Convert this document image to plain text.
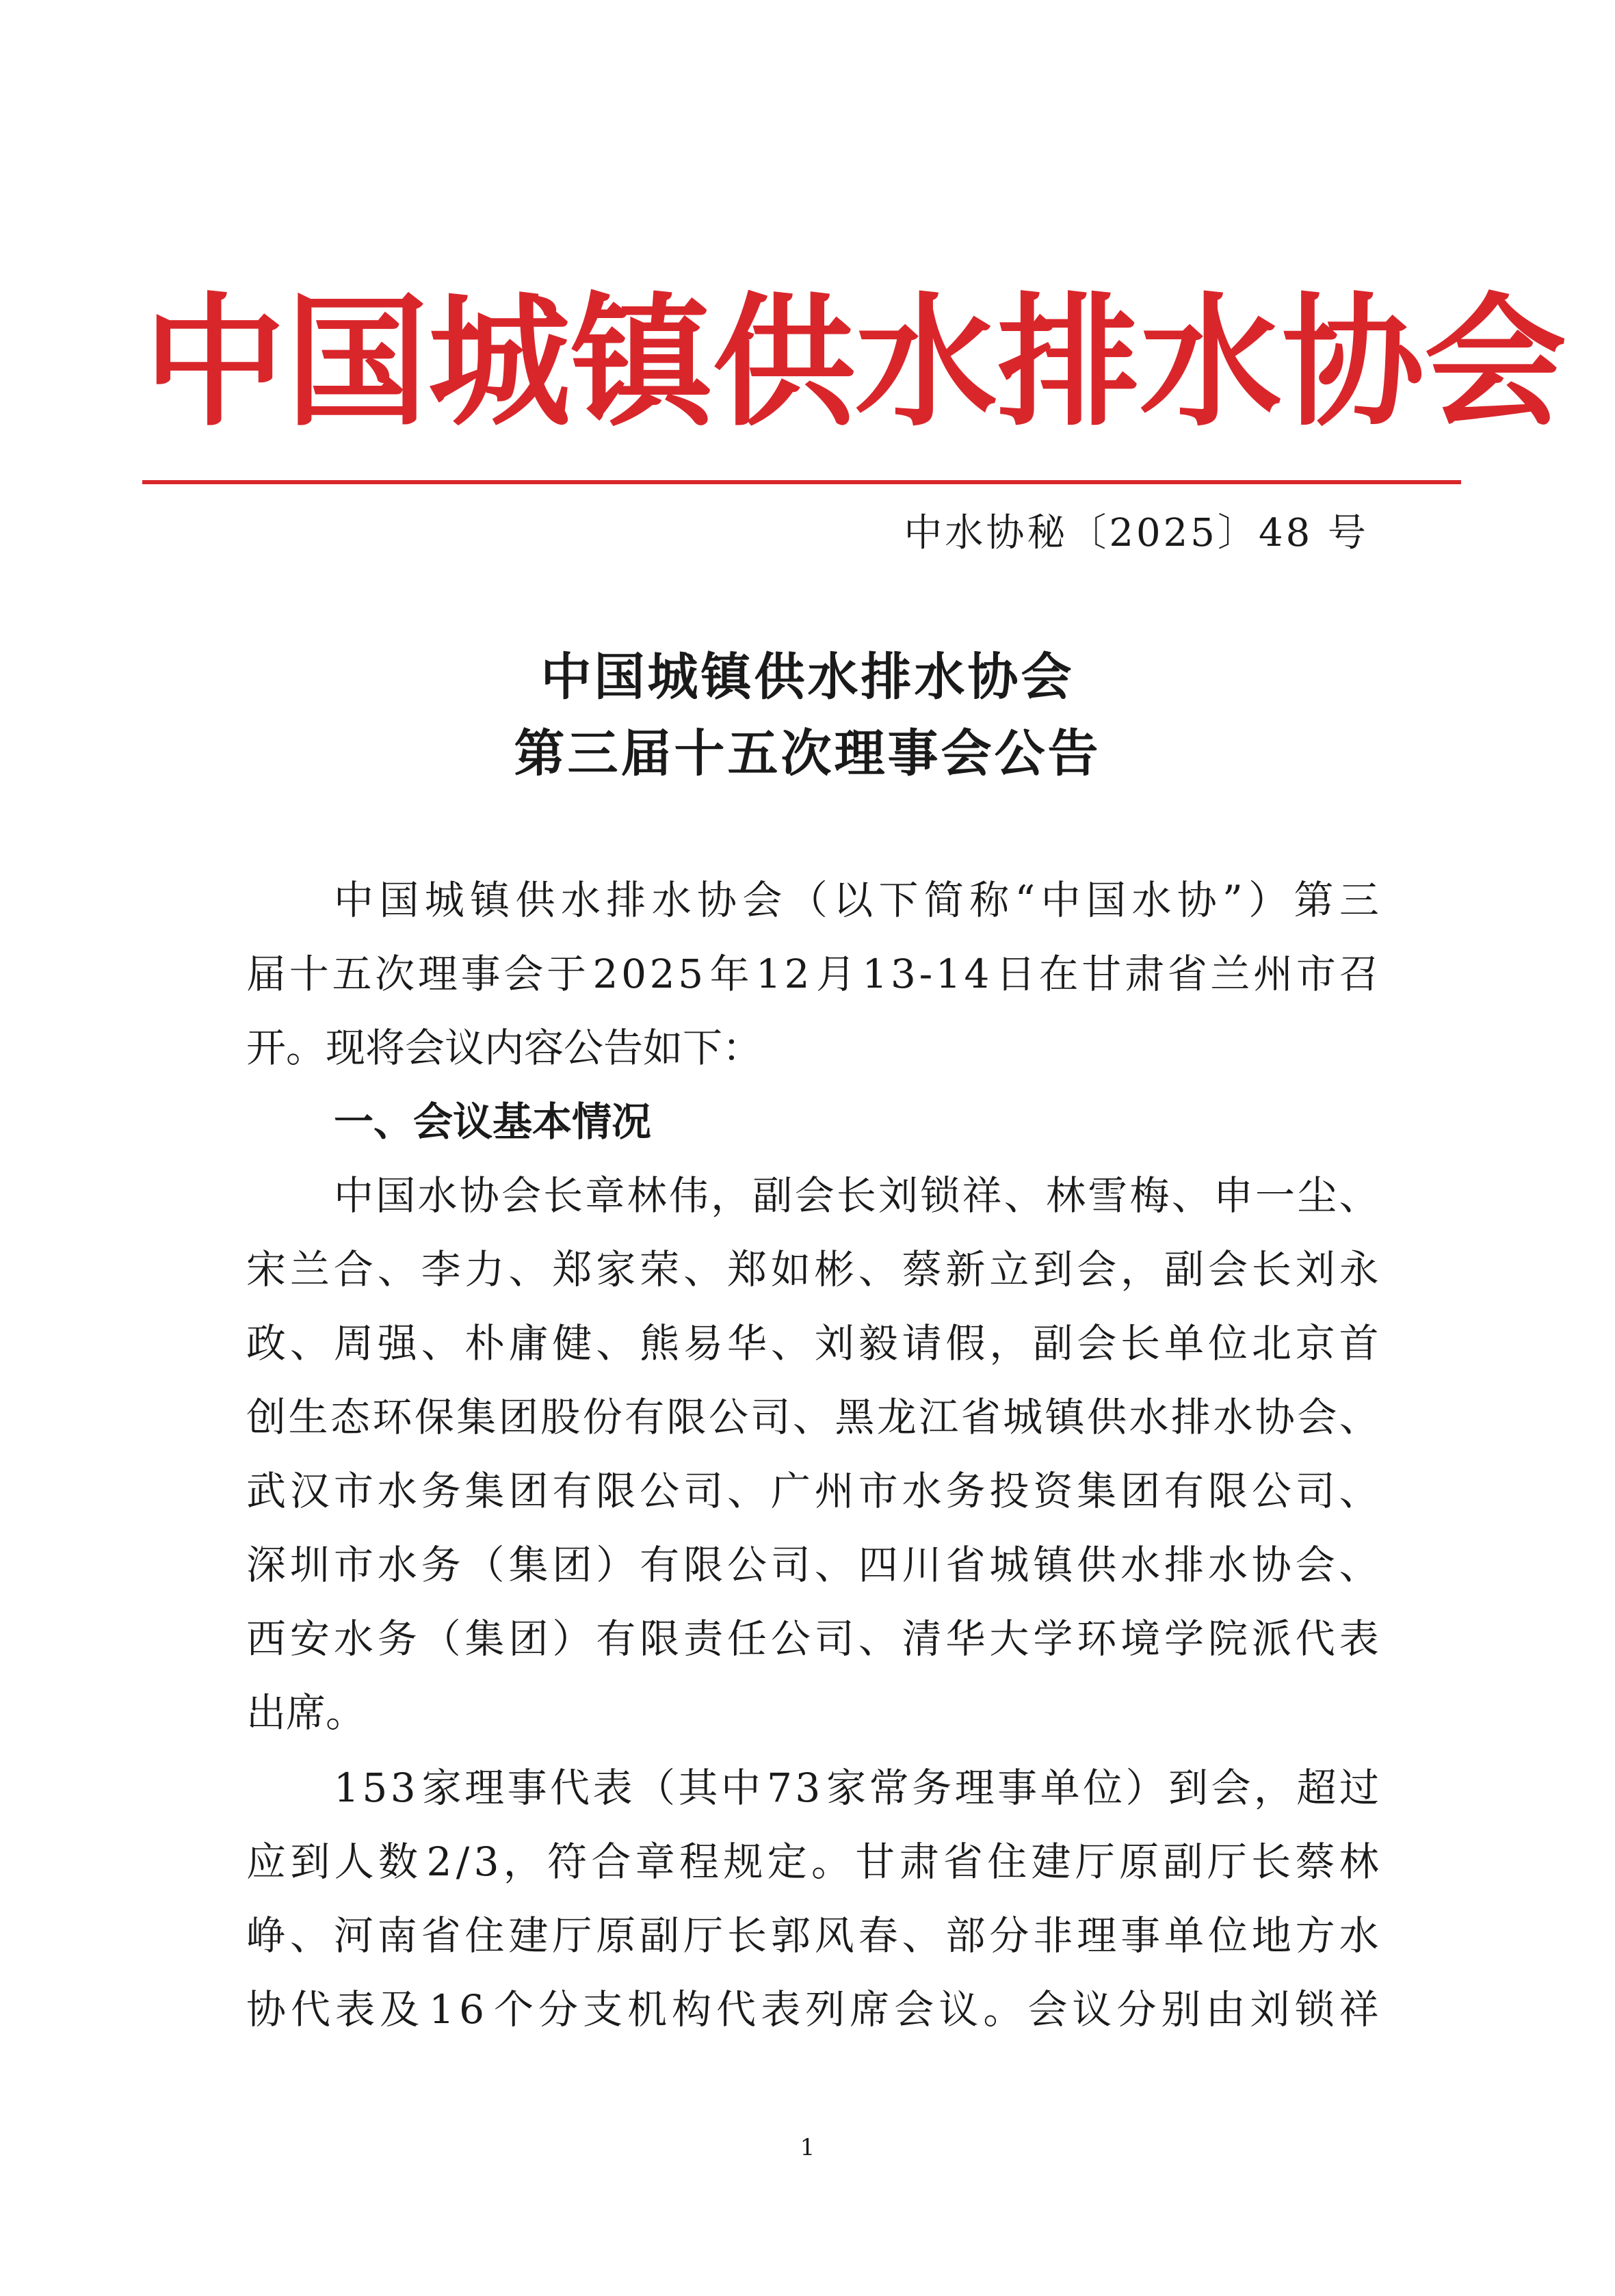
中 国 城 镇 供 水 排 水 协 会
中水协秘〔2025〕48 号
中国城镇供水排水协会
第三届十五次理事会公告
中 国 城 镇 供 水 排 水 协 会 （ 以 下 简 称 “ 中 国 水 协 ” ） 第 三
届 十 五 次 理 事 会 于 2 0 2 5 年 1 2 月 1 3 - 1 4 日 在 甘 肃 省 兰 州 市 召
开。现将会议内容公告如下：
一、会议基本情况
中 国 水 协 会 长 章 林 伟 ， 副 会 长 刘 锁 祥 、 林 雪 梅 、 申 一 尘 、
宋 兰 合 、 李 力 、 郑 家 荣 、 郑 如 彬 、 蔡 新 立 到 会 ， 副 会 长 刘 永
政 、 周 强 、 朴 庸 健 、 熊 易 华 、 刘 毅 请 假 ， 副 会 长 单 位 北 京 首
创 生 态 环 保 集 团 股 份 有 限 公 司 、 黑 龙 江 省 城 镇 供 水 排 水 协 会 、
武 汉 市 水 务 集 团 有 限 公 司 、 广 州 市 水 务 投 资 集 团 有 限 公 司 、
深 圳 市 水 务 （ 集 团 ） 有 限 公 司 、 四 川 省 城 镇 供 水 排 水 协 会 、
西 安 水 务 （ 集 团 ） 有 限 责 任 公 司 、 清 华 大 学 环 境 学 院 派 代 表
出席。
1 5 3 家 理 事 代 表 （ 其 中 7 3 家 常 务 理 事 单 位 ） 到 会 ， 超 过
应 到 人 数 2 / 3 ， 符 合 章 程 规 定 。 甘 肃 省 住 建 厅 原 副 厅 长 蔡 林
峥 、 河 南 省 住 建 厅 原 副 厅 长 郭 风 春 、 部 分 非 理 事 单 位 地 方 水
协 代 表 及 1 6 个 分 支 机 构 代 表 列 席 会 议 。 会 议 分 别 由 刘 锁 祥
1
